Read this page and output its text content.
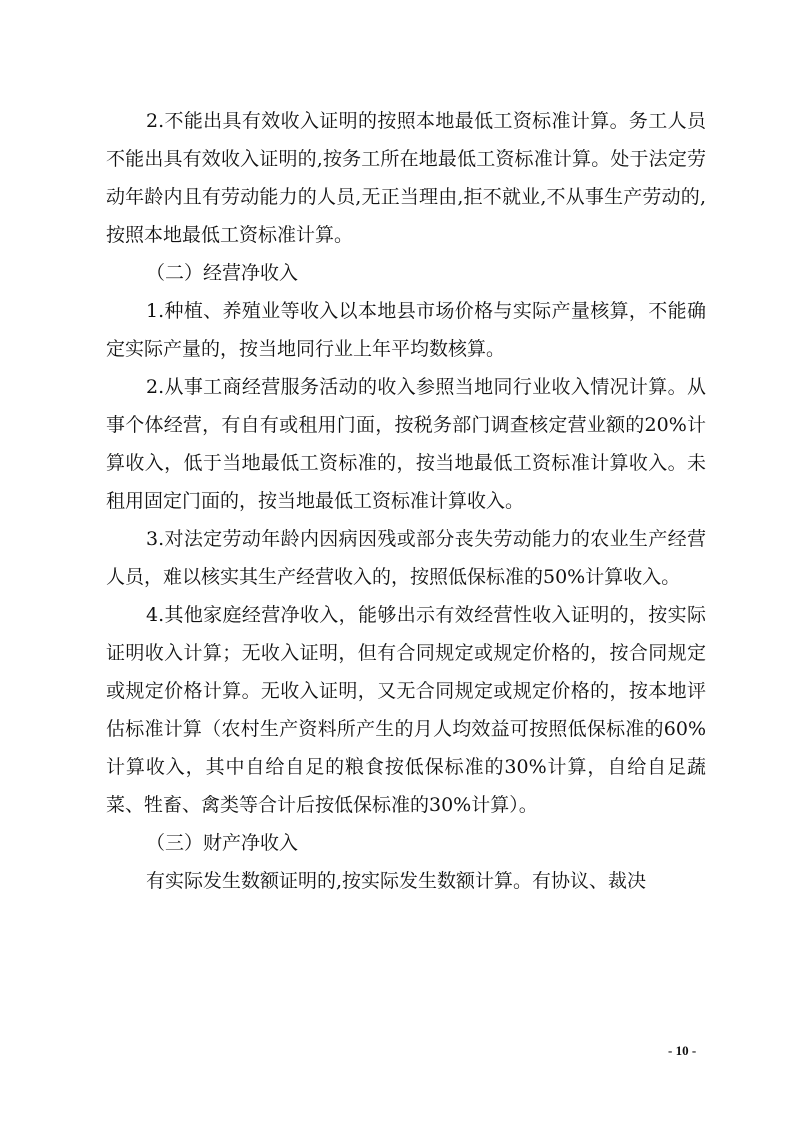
2.不能出具有效收入证明的按照本地最低工资标准计算。务工人员不能出具有效收入证明的,按务工所在地最低工资标准计算。处于法定劳动年龄内且有劳动能力的人员,无正当理由,拒不就业,不从事生产劳动的,按照本地最低工资标准计算。

（二）经营净收入

1.种植、养殖业等收入以本地县市场价格与实际产量核算，不能确定实际产量的，按当地同行业上年平均数核算。

2.从事工商经营服务活动的收入参照当地同行业收入情况计算。从事个体经营，有自有或租用门面，按税务部门调查核定营业额的20%计算收入，低于当地最低工资标准的，按当地最低工资标准计算收入。未租用固定门面的，按当地最低工资标准计算收入。

3.对法定劳动年龄内因病因残或部分丧失劳动能力的农业生产经营人员，难以核实其生产经营收入的，按照低保标准的50%计算收入。

4.其他家庭经营净收入，能够出示有效经营性收入证明的，按实际证明收入计算；无收入证明，但有合同规定或规定价格的，按合同规定或规定价格计算。无收入证明，又无合同规定或规定价格的，按本地评估标准计算（农村生产资料所产生的月人均效益可按照低保标准的60%计算收入，其中自给自足的粮食按低保标准的30%计算，自给自足蔬菜、牲畜、禽类等合计后按低保标准的30%计算）。

（三）财产净收入

有实际发生数额证明的,按实际发生数额计算。有协议、裁决

- 10 -
